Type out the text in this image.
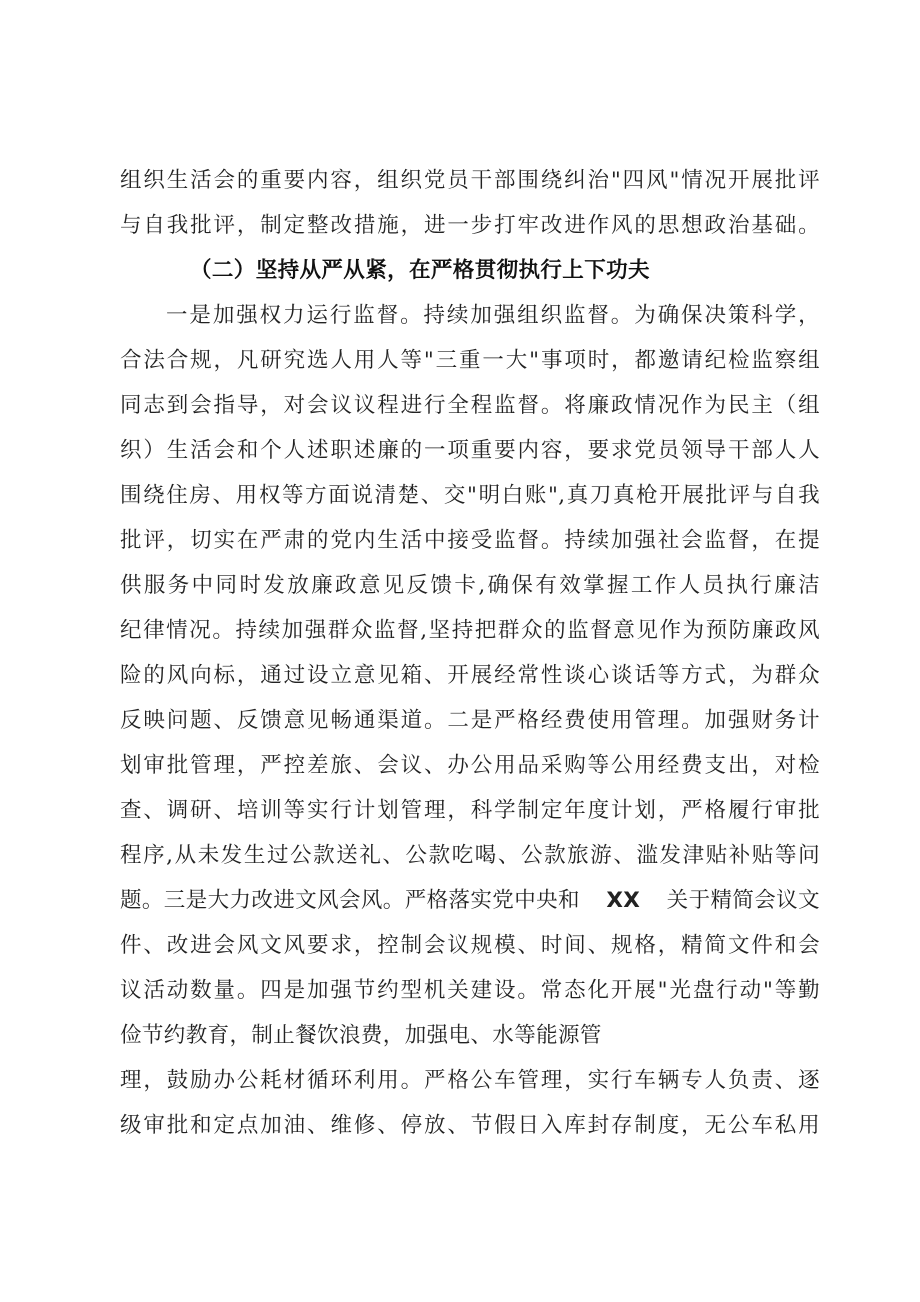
组织生活会的重要内容，组织党员干部围绕纠治"四风"情况开展批评
与自我批评，制定整改措施，进一步打牢改进作风的思想政治基础。
（二）坚持从严从紧，在严格贯彻执行上下功夫
一是加强权力运行监督。持续加强组织监督。为确保决策科学，
合法合规，凡研究选人用人等"三重一大"事项时，都邀请纪检监察组
同志到会指导，对会议议程进行全程监督。将廉政情况作为民主（组
织）生活会和个人述职述廉的一项重要内容，要求党员领导干部人人
围绕住房、用权等方面说清楚、交"明白账",真刀真枪开展批评与自我
批评，切实在严肃的党内生活中接受监督。持续加强社会监督，在提
供服务中同时发放廉政意见反馈卡,确保有效掌握工作人员执行廉洁
纪律情况。持续加强群众监督,坚持把群众的监督意见作为预防廉政风
险的风向标，通过设立意见箱、开展经常性谈心谈话等方式，为群众
反映问题、反馈意见畅通渠道。二是严格经费使用管理。加强财务计
划审批管理，严控差旅、会议、办公用品采购等公用经费支出，对检
查、调研、培训等实行计划管理，科学制定年度计划，严格履行审批
程序,从未发生过公款送礼、公款吃喝、公款旅游、滥发津贴补贴等问
题。三是大力改进文风会风。严格落实党中央和 XX 关于精简会议文
件、改进会风文风要求，控制会议规模、时间、规格，精简文件和会
议活动数量。四是加强节约型机关建设。常态化开展"光盘行动"等勤
俭节约教育，制止餐饮浪费，加强电、水等能源管
理，鼓励办公耗材循环利用。严格公车管理，实行车辆专人负责、逐
级审批和定点加油、维修、停放、节假日入库封存制度，无公车私用
